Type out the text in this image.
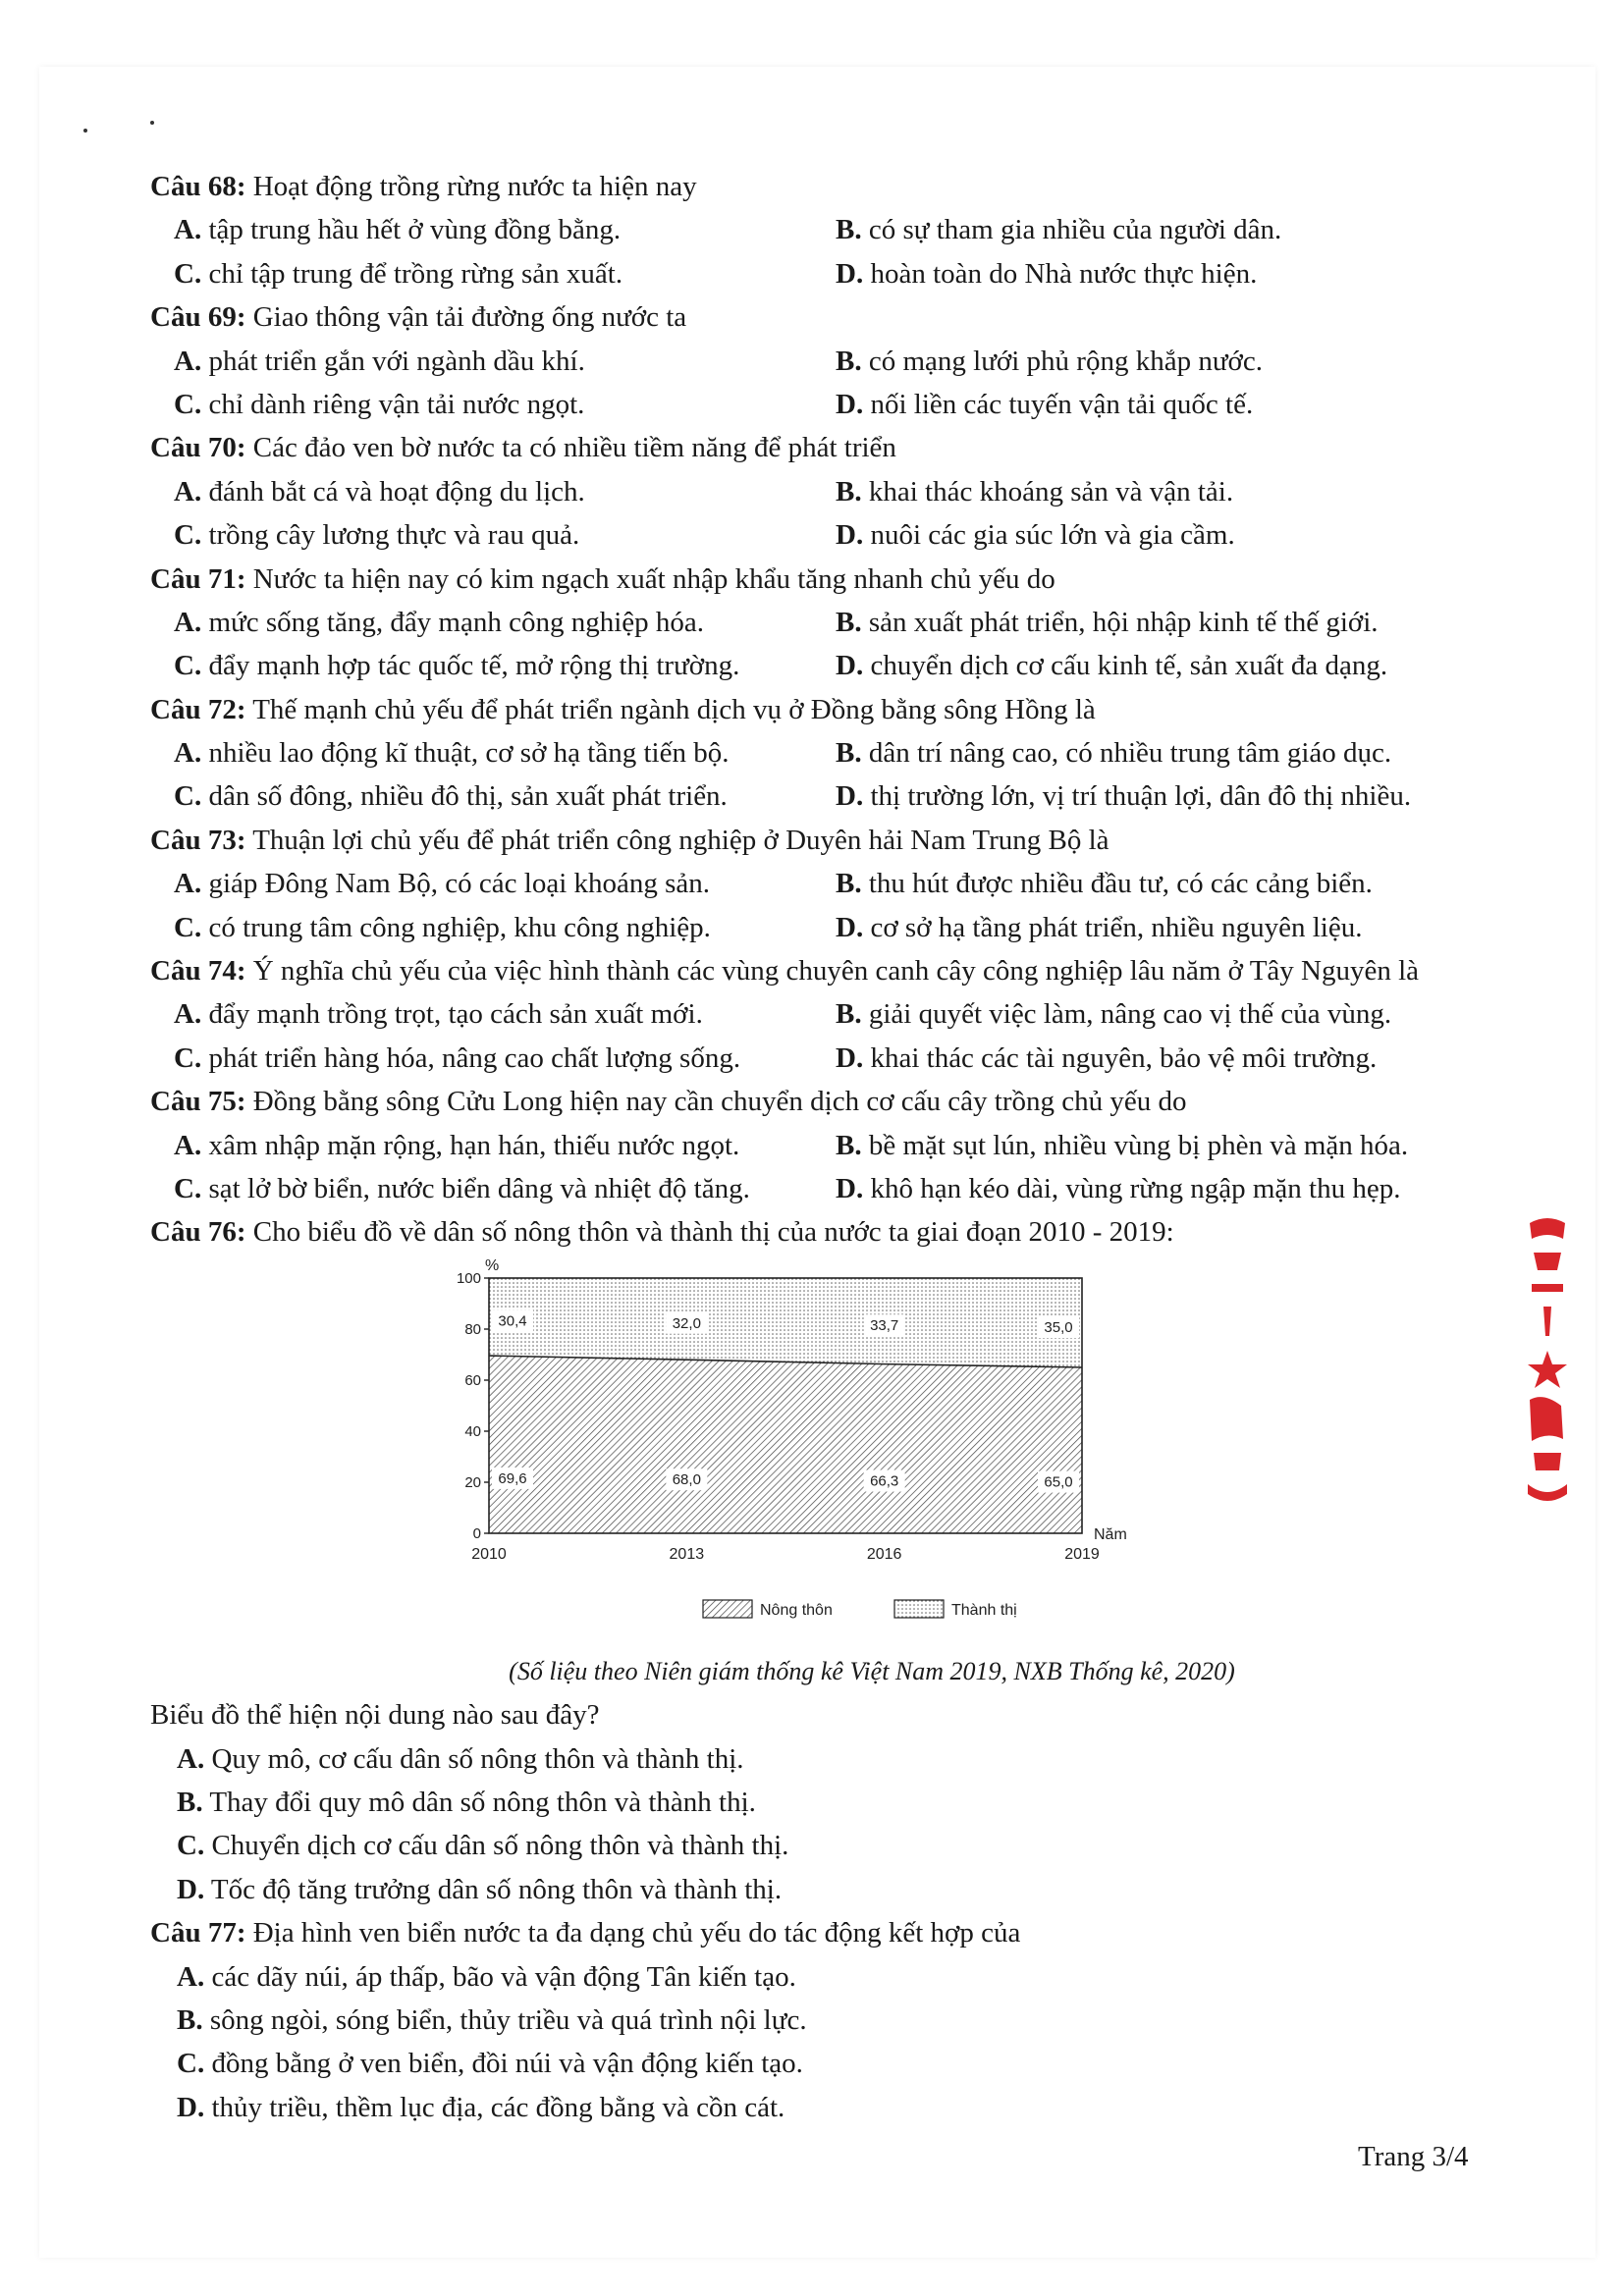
Câu 68: Hoạt động trồng rừng nước ta hiện nay
A. tập trung hầu hết ở vùng đồng bằng.	B. có sự tham gia nhiều của người dân.
C. chỉ tập trung để trồng rừng sản xuất.	D. hoàn toàn do Nhà nước thực hiện.
Câu 69: Giao thông vận tải đường ống nước ta
A. phát triển gắn với ngành dầu khí.	B. có mạng lưới phủ rộng khắp nước.
C. chỉ dành riêng vận tải nước ngọt.	D. nối liền các tuyến vận tải quốc tế.
Câu 70: Các đảo ven bờ nước ta có nhiều tiềm năng để phát triển
A. đánh bắt cá và hoạt động du lịch.	B. khai thác khoáng sản và vận tải.
C. trồng cây lương thực và rau quả.	D. nuôi các gia súc lớn và gia cầm.
Câu 71: Nước ta hiện nay có kim ngạch xuất nhập khẩu tăng nhanh chủ yếu do
A. mức sống tăng, đẩy mạnh công nghiệp hóa.	B. sản xuất phát triển, hội nhập kinh tế thế giới.
C. đẩy mạnh hợp tác quốc tế, mở rộng thị trường.	D. chuyển dịch cơ cấu kinh tế, sản xuất đa dạng.
Câu 72: Thế mạnh chủ yếu để phát triển ngành dịch vụ ở Đồng bằng sông Hồng là
A. nhiều lao động kĩ thuật, cơ sở hạ tầng tiến bộ.	B. dân trí nâng cao, có nhiều trung tâm giáo dục.
C. dân số đông, nhiều đô thị, sản xuất phát triển.	D. thị trường lớn, vị trí thuận lợi, dân đô thị nhiều.
Câu 73: Thuận lợi chủ yếu để phát triển công nghiệp ở Duyên hải Nam Trung Bộ là
A. giáp Đông Nam Bộ, có các loại khoáng sản.	B. thu hút được nhiều đầu tư, có các cảng biển.
C. có trung tâm công nghiệp, khu công nghiệp.	D. cơ sở hạ tầng phát triển, nhiều nguyên liệu.
Câu 74: Ý nghĩa chủ yếu của việc hình thành các vùng chuyên canh cây công nghiệp lâu năm ở Tây Nguyên là
A. đẩy mạnh trồng trọt, tạo cách sản xuất mới.	B. giải quyết việc làm, nâng cao vị thế của vùng.
C. phát triển hàng hóa, nâng cao chất lượng sống.	D. khai thác các tài nguyên, bảo vệ môi trường.
Câu 75: Đồng bằng sông Cửu Long hiện nay cần chuyển dịch cơ cấu cây trồng chủ yếu do
A. xâm nhập mặn rộng, hạn hán, thiếu nước ngọt.	B. bề mặt sụt lún, nhiều vùng bị phèn và mặn hóa.
C. sạt lở bờ biển, nước biển dâng và nhiệt độ tăng.	D. khô hạn kéo dài, vùng rừng ngập mặn thu hẹp.
Câu 76: Cho biểu đồ về dân số nông thôn và thành thị của nước ta giai đoạn 2010 - 2019:
0
20
40
60
80
100
%
2010	2013	2016	2019
Năm
30,4
69,6
32,0
68,0
33,7
66,3
35,0
65,0
Nông thôn	Thành thị
(Số liệu theo Niên giám thống kê Việt Nam 2019, NXB Thống kê, 2020)
Biểu đồ thể hiện nội dung nào sau đây?
A. Quy mô, cơ cấu dân số nông thôn và thành thị.
B. Thay đổi quy mô dân số nông thôn và thành thị.
C. Chuyển dịch cơ cấu dân số nông thôn và thành thị.
D. Tốc độ tăng trưởng dân số nông thôn và thành thị.
Câu 77: Địa hình ven biển nước ta đa dạng chủ yếu do tác động kết hợp của
A. các dãy núi, áp thấp, bão và vận động Tân kiến tạo.
B. sông ngòi, sóng biển, thủy triều và quá trình nội lực.
C. đồng bằng ở ven biển, đồi núi và vận động kiến tạo.
D. thủy triều, thềm lục địa, các đồng bằng và cồn cát.
Trang 3/4
